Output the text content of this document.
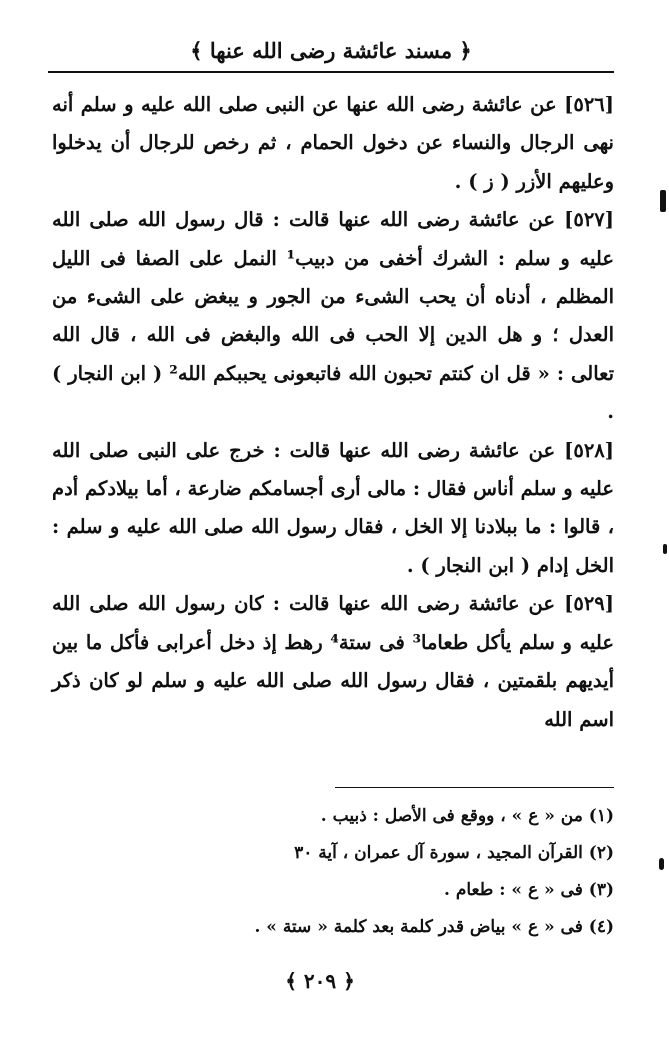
﴿ مسند عائشة رضى الله عنها ﴾

[٥٢٦] عن عائشة رضى الله عنها عن النبى صلى الله عليه و سلم أنه نهى الرجال والنساء عن دخول الحمام ، ثم رخص للرجال أن يدخلوا وعليهم الأزر ( ز ) .

[٥٢٧] عن عائشة رضى الله عنها قالت : قال رسول الله صلى الله عليه و سلم : الشرك أخفى من دبيب¹ النمل على الصفا فى الليل المظلم ، أدناه أن يحب الشىء من الجور و يبغض على الشىء من العدل ؛ و هل الدين إلا الحب فى الله والبغض فى الله ، قال الله تعالى : « قل ان كنتم تحبون الله فاتبعونى يحببكم الله² ( ابن النجار ) .

[٥٢٨] عن عائشة رضى الله عنها قالت : خرج على النبى صلى الله عليه و سلم أناس فقال : مالى أرى أجسامكم ضارعة ، أما بيلادكم أدم ، قالوا : ما ببلادنا إلا الخل ، فقال رسول الله صلى الله عليه و سلم : الخل إدام ( ابن النجار ) .

[٥٢٩] عن عائشة رضى الله عنها قالت : كان رسول الله صلى الله عليه و سلم يأكل طعاما³ فى ستة⁴ رهط إذ دخل أعرابى فأكل ما بين أيديهم بلقمتين ، فقال رسول الله صلى الله عليه و سلم لو كان ذكر اسم الله

(١) من « ع » ، ووقع فى الأصل : ذبيب .

(٢) القرآن المجيد ، سورة آل عمران ، آية ٣٠

(٣) فى « ع » : طعام .

(٤) فى « ع » بياض قدر كلمة بعد كلمة « ستة » .

﴿ ٢٠٩ ﴾
